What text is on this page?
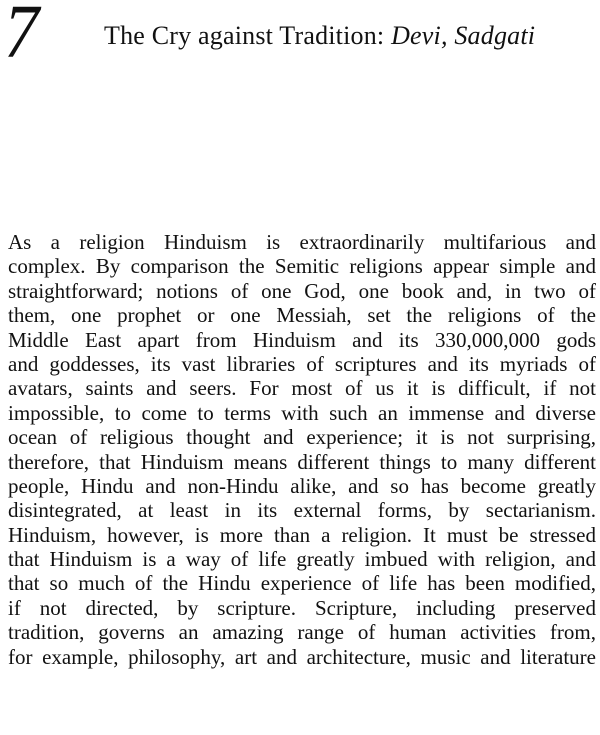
7	The Cry against Tradition: Devi, Sadgati
As a religion Hinduism is extraordinarily multifarious and
complex. By comparison the Semitic religions appear simple and
straightforward; notions of one God, one book and, in two of
them, one prophet or one Messiah, set the religions of the
Middle East apart from Hinduism and its 330,000,000 gods
and goddesses, its vast libraries of scriptures and its myriads of
avatars, saints and seers. For most of us it is difficult, if not
impossible, to come to terms with such an immense and diverse
ocean of religious thought and experience; it is not surprising,
therefore, that Hinduism means different things to many different
people, Hindu and non-Hindu alike, and so has become greatly
disintegrated, at least in its external forms, by sectarianism.
Hinduism, however, is more than a religion. It must be stressed
that Hinduism is a way of life greatly imbued with religion, and
that so much of the Hindu experience of life has been modified,
if not directed, by scripture. Scripture, including preserved
tradition, governs an amazing range of human activities from,
for example, philosophy, art and architecture, music and literature
